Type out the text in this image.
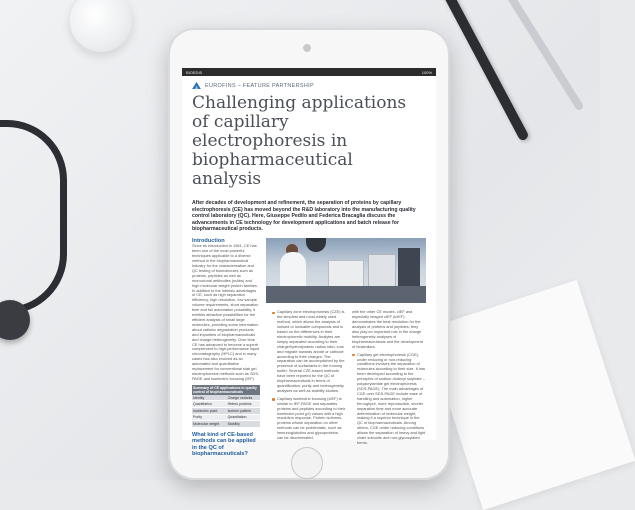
BIOEDIS	100%
EUROFINS – FEATURE PARTNERSHIP
Challenging applications of capillary electrophoresis in biopharmaceutical analysis
After decades of development and refinement, the separation of proteins by capillary electrophoresis (CE) has moved beyond the R&D laboratory into the manufacturing quality control laboratory (QC). Here, Giuseppe Pedilo and Federica Bracaglia discuss the advancements in CE technology for development applications and batch release for biopharmaceutical products.
Introduction
Since its introduction in 1981, CE has been one of the most powerful techniques applicable to a diverse method in the biopharmaceutical industry for the characterisation and QC testing of biomolecules such as proteins, peptides as well as monoclonal antibodies (mAbs) and high molecular weight protein families. In addition to the intrinsic advantages of CE, such as high separation efficiency, high resolution, low sample volume requirements, short separation time and full automation possibility, it exhibits attractive possibilities for the efficient analysis of small large molecules, providing some information about cationic degradation products and impurities of biopharmaceuticals and charge heterogeneity. Over time CE has advanced to become a superb complement to high-performance liquid chromatography (HPLC) and in many cases has also evolved as an automated and quantitative replacement for conventional slab gel electrophoresis methods such as SDS-PAGE and isoelectric focusing (IEF).
Summary of CE applications in quality control of biopharmaceuticals	
Identity	Charge variants
Quantitation	Hetero proteins
Isoelectric point	Isoform pattern
Purity	Quantitation
Molecular weight	Stability
What kind of CE-based methods can be applied in the QC of biopharmaceuticals?

Capillary zone electrophoresis (CZE) is the simplest and most widely used method, which allows the analysis of ionised or ionisable compounds and is based on the differences in their electrophoretic mobility. Analytes are simply separated according to their charge/hydrodynamic radius ratio; ions and migrate towards anode or cathode according to their charges. The separation can be accomplished by the presence of surfactants in the running buffer. Several CZE-based methods have been reported for the QC of biopharmaceuticals in terms of quantification, purity and heterogeneity analyses as well as stability studies.

Capillary isoelectric focusing (cIEF) is similar to IEF-PAGE and separates proteins and peptides according to their isoelectric point (pI) values with a high resolution response. Protein isoforms, proteins whose separation on other methods can be problematic, such as immunoglobulins and glycoproteins, can be discriminated.

with the other CE modes, cIEF and especially imaged cIEF (icIEF) demonstrates the best resolution for the analysis of proteins and peptides; they also play an important role in the charge heterogeneity analyses of biopharmaceuticals and the development of biosimilars.

Capillary gel electrophoresis (CGE), under reducing or non-reducing conditions involves the separation of molecules according to their size. It has been developed according to the principles of sodium dodecyl sulphate – polyacrylamide gel electrophoresis (SDS-PAGE). The main advantages of CGE over SDS-PAGE include ease of handling and automation, higher throughput, more reproducible, shorter separation time and more accurate determination of molecular weight, making it a superior technique in the QC of biopharmaceuticals. Among others, CGE under reducing conditions allows the separation of heavy and light chain subunits and non-glycosylated forms.
